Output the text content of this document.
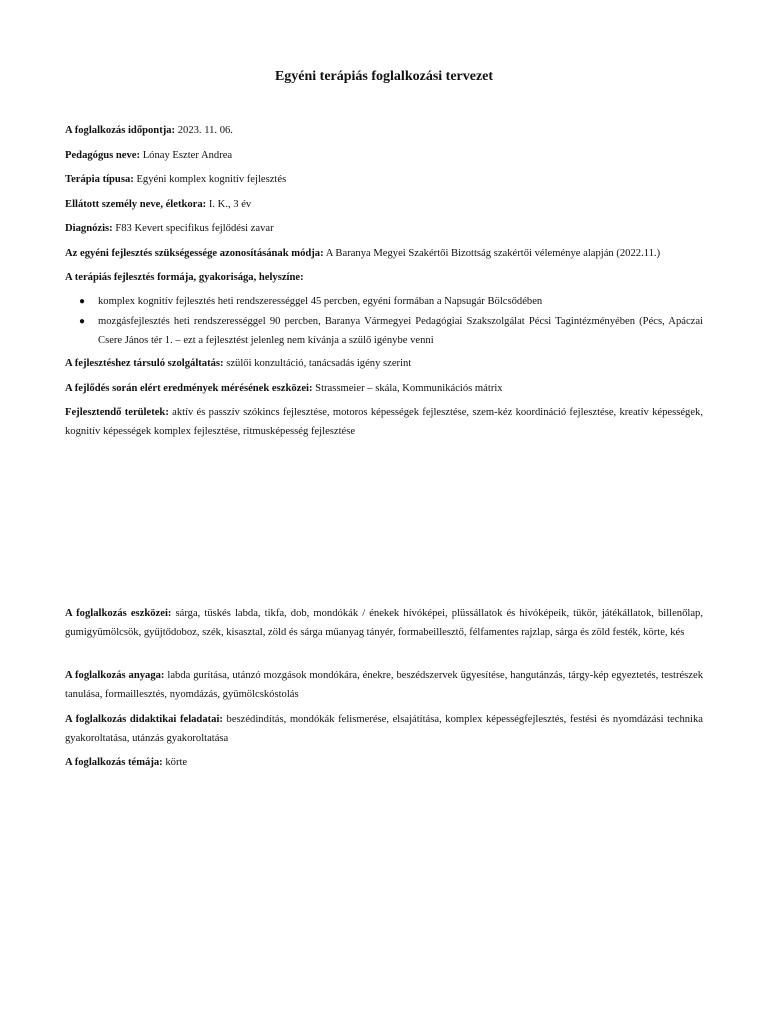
Egyéni terápiás foglalkozási tervezet
A foglalkozás időpontja: 2023. 11. 06.
Pedagógus neve: Lónay Eszter Andrea
Terápia típusa: Egyéni komplex kognitív fejlesztés
Ellátott személy neve, életkora: I. K., 3 év
Diagnózis: F83 Kevert specifikus fejlődési zavar
Az egyéni fejlesztés szükségessége azonosításának módja: A Baranya Megyei Szakértői Bizottság szakértői véleménye alapján (2022.11.)
A terápiás fejlesztés formája, gyakorisága, helyszíne:
● komplex kognitív fejlesztés heti rendszerességgel 45 percben, egyéni formában a Napsugár Bölcsődében
● mozgásfejlesztés heti rendszerességgel 90 percben, Baranya Vármegyei Pedagógiai Szakszolgálat Pécsi Tagintézményében (Pécs, Apáczai Csere János tér 1. – ezt a fejlesztést jelenleg nem kívánja a szülő igénybe venni
A fejlesztéshez társuló szolgáltatás: szülői konzultáció, tanácsadás igény szerint
A fejlődés során elért eredmények mérésének eszközei: Strassmeier – skála, Kommunikációs mátrix
Fejlesztendő területek: aktív és passzív szókincs fejlesztése, motoros képességek fejlesztése, szem-kéz koordináció fejlesztése, kreatív képességek, kognitív képességek komplex fejlesztése, ritmusképesség fejlesztése
A foglalkozás eszközei: sárga, tüskés labda, tikfa, dob, mondókák / énekek hívóképei, plüssállatok és hívóképeik, tükör, játékállatok, billenőlap, gumigyümölcsök, gyűjtődoboz, szék, kisasztal, zöld és sárga műanyag tányér, formabeillesztő, félfamentes rajzlap, sárga és zöld festék, körte, kés
A foglalkozás anyaga: labda gurítása, utánzó mozgások mondókára, énekre, beszédszervek ügyesítése, hangutánzás, tárgy-kép egyeztetés, testrészek tanulása, formaillesztés, nyomdázás, gyümölcskóstolás
A foglalkozás didaktikai feladatai: beszédindítás, mondókák felismerése, elsajátítása, komplex képességfejlesztés, festési és nyomdázási technika gyakoroltatása, utánzás gyakoroltatása
A foglalkozás témája: körte
